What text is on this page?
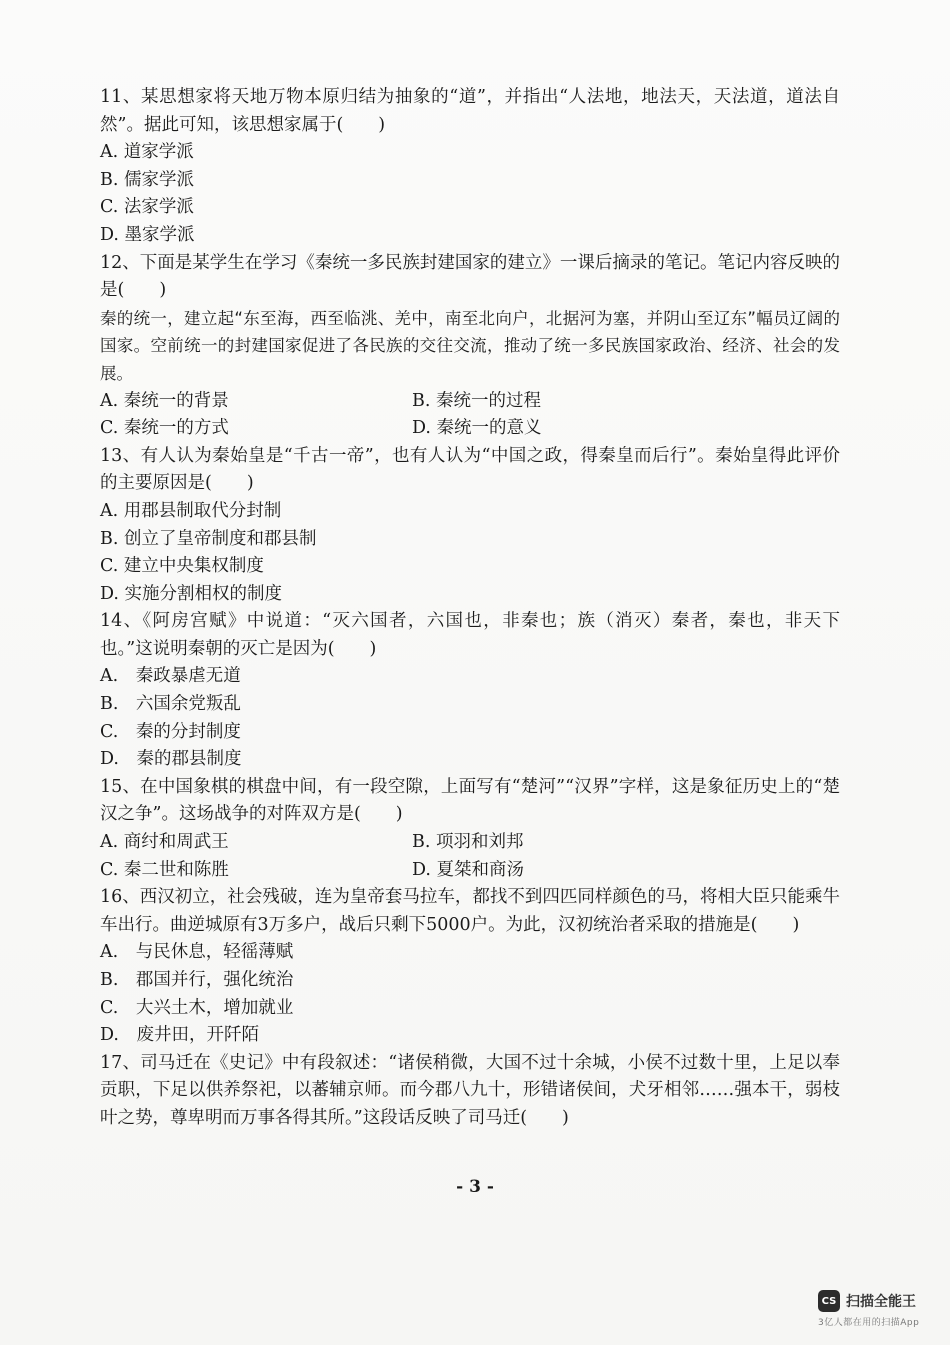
11、某思想家将天地万物本原归结为抽象的“道”，并指出“人法地，地法天，天法道，道法自然”。据此可知，该思想家属于(　　)

A. 道家学派

B. 儒家学派

C. 法家学派

D. 墨家学派

12、下面是某学生在学习《秦统一多民族封建国家的建立》一课后摘录的笔记。笔记内容反映的是(　　)

秦的统一，建立起“东至海，西至临洮、羌中，南至北向户，北据河为塞，并阴山至辽东”幅员辽阔的国家。空前统一的封建国家促进了各民族的交往交流，推动了统一多民族国家政治、经济、社会的发展。

A. 秦统一的背景	B. 秦统一的过程

C. 秦统一的方式	D. 秦统一的意义

13、有人认为秦始皇是“千古一帝”，也有人认为“中国之政，得秦皇而后行”。秦始皇得此评价的主要原因是(　　)

A. 用郡县制取代分封制

B. 创立了皇帝制度和郡县制

C. 建立中央集权制度

D. 实施分割相权的制度

14、《阿房宫赋》中说道：“灭六国者，六国也，非秦也；族（消灭）秦者，秦也，非天下也。”这说明秦朝的灭亡是因为(　　)

A.　秦政暴虐无道

B.　六国余党叛乱

C.　秦的分封制度

D.　秦的郡县制度

15、在中国象棋的棋盘中间，有一段空隙，上面写有“楚河”“汉界”字样，这是象征历史上的“楚汉之争”。这场战争的对阵双方是(　　)

A. 商纣和周武王	B. 项羽和刘邦

C. 秦二世和陈胜	D. 夏桀和商汤

16、西汉初立，社会残破，连为皇帝套马拉车，都找不到四匹同样颜色的马，将相大臣只能乘牛车出行。曲逆城原有3万多户，战后只剩下5000户。为此，汉初统治者采取的措施是(　　)

A.　与民休息，轻徭薄赋

B.　郡国并行，强化统治

C.　大兴土木，增加就业

D.　废井田，开阡陌

17、司马迁在《史记》中有段叙述：“诸侯稍微，大国不过十余城，小侯不过数十里，上足以奉贡职，下足以供养祭祀，以蕃辅京师。而今郡八九十，形错诸侯间，犬牙相邻……强本干，弱枝叶之势，尊卑明而万事各得其所。”这段话反映了司马迁(　　)

- 3 -
CS 扫描全能王
3亿人都在用的扫描App
